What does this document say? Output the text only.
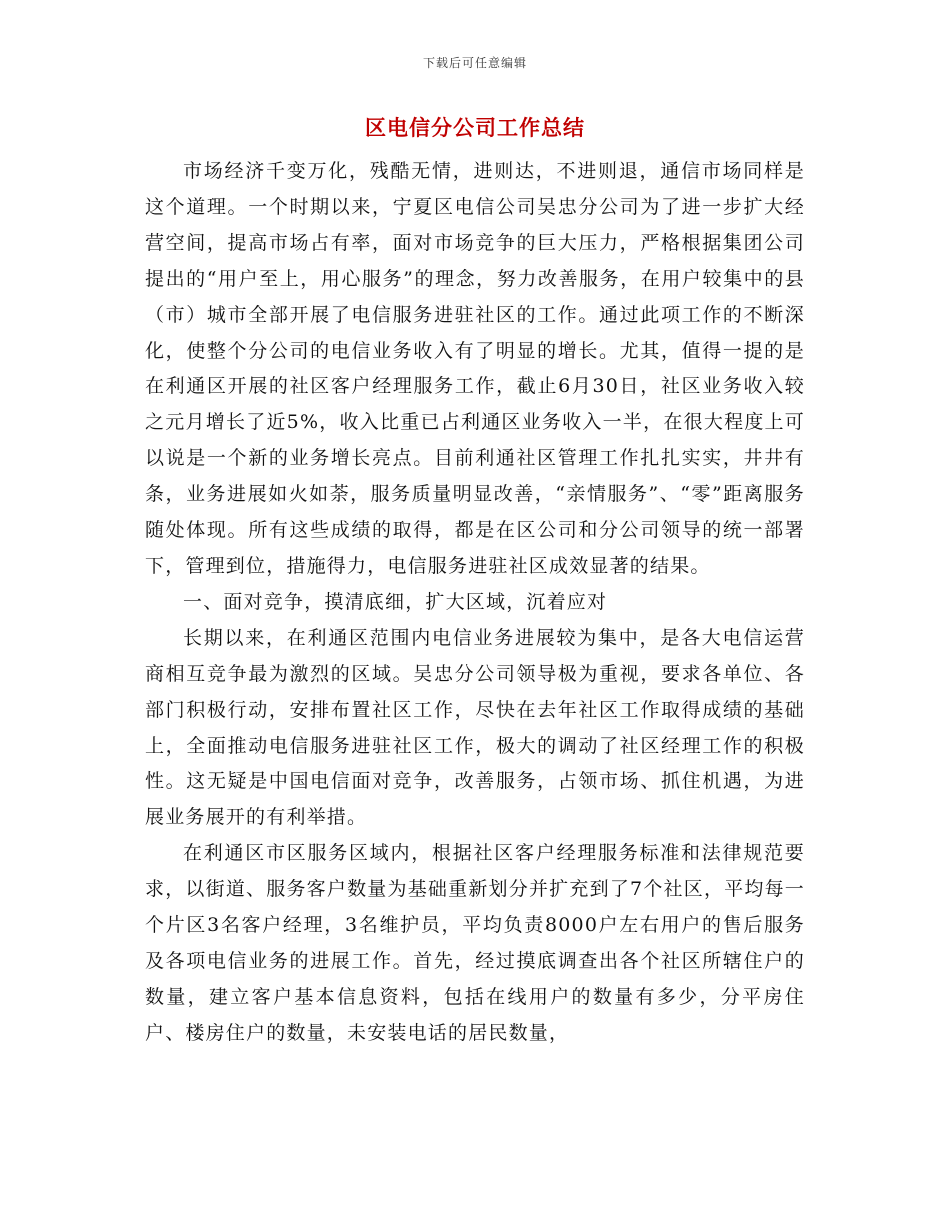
下载后可任意编辑
区电信分公司工作总结

市场经济千变万化，残酷无情，进则达，不进则退，通信市场同样是这个道理。一个时期以来，宁夏区电信公司吴忠分公司为了进一步扩大经营空间，提高市场占有率，面对市场竞争的巨大压力，严格根据集团公司提出的“用户至上，用心服务”的理念，努力改善服务，在用户较集中的县（市）城市全部开展了电信服务进驻社区的工作。通过此项工作的不断深化，使整个分公司的电信业务收入有了明显的增长。尤其，值得一提的是在利通区开展的社区客户经理服务工作，截止6月30日，社区业务收入较之元月增长了近5%，收入比重已占利通区业务收入一半，在很大程度上可以说是一个新的业务增长亮点。目前利通社区管理工作扎扎实实，井井有条，业务进展如火如荼，服务质量明显改善，“亲情服务”、“零”距离服务随处体现。所有这些成绩的取得，都是在区公司和分公司领导的统一部署下，管理到位，措施得力，电信服务进驻社区成效显著的结果。

一、面对竞争，摸清底细，扩大区域，沉着应对

长期以来，在利通区范围内电信业务进展较为集中，是各大电信运营商相互竞争最为激烈的区域。吴忠分公司领导极为重视，要求各单位、各部门积极行动，安排布置社区工作，尽快在去年社区工作取得成绩的基础上，全面推动电信服务进驻社区工作，极大的调动了社区经理工作的积极性。这无疑是中国电信面对竞争，改善服务，占领市场、抓住机遇，为进展业务展开的有利举措。

在利通区市区服务区域内，根据社区客户经理服务标准和法律规范要求，以街道、服务客户数量为基础重新划分并扩充到了7个社区，平均每一个片区3名客户经理，3名维护员，平均负责8000户左右用户的售后服务及各项电信业务的进展工作。首先，经过摸底调查出各个社区所辖住户的数量，建立客户基本信息资料，包括在线用户的数量有多少，分平房住户、楼房住户的数量，未安装电话的居民数量，
